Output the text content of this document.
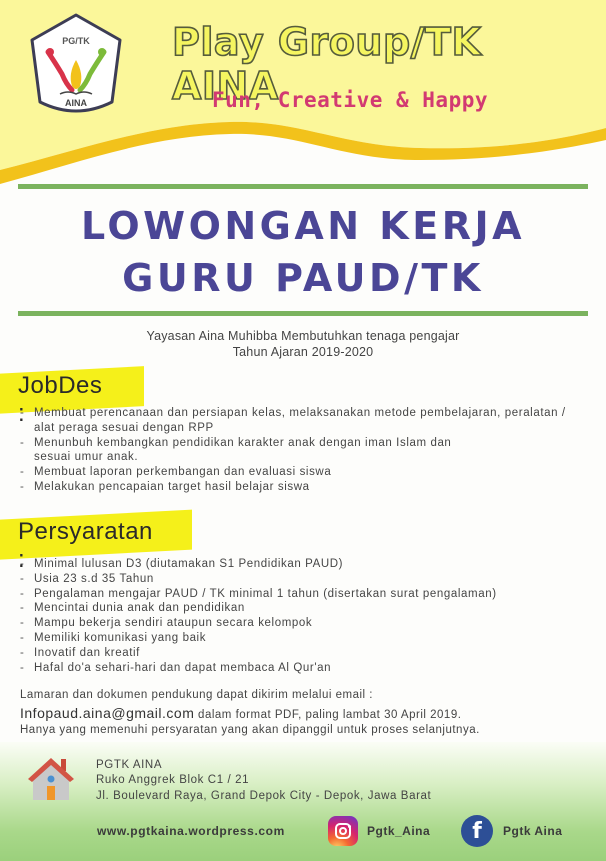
PG/TK
AINA
Play Group/TK AINA
Fun, Creative & Happy
LOWONGAN KERJA
GURU PAUD/TK
Yayasan Aina Muhibba Membutuhkan tenaga pengajar
Tahun Ajaran 2019-2020
JobDes : - Membuat perencanaan dan persiapan kelas, melaksanakan metode pembelajaran, peralatan / alat peraga sesuai dengan RPP
- Menunbuh kembangkan pendidikan karakter anak dengan iman Islam dan sesuai umur anak.
- Membuat laporan perkembangan dan evaluasi siswa
- Melakukan pencapaian target hasil belajar siswa
Persyaratan : - Minimal lulusan D3 (diutamakan S1 Pendidikan PAUD)
- Usia 23 s.d 35 Tahun
- Pengalaman mengajar PAUD / TK minimal 1 tahun (disertakan surat pengalaman)
- Mencintai dunia anak dan pendidikan
- Mampu bekerja sendiri ataupun secara kelompok
- Memiliki komunikasi yang baik
- Inovatif dan kreatif
- Hafal do'a sehari-hari dan dapat membaca Al Qur'an
Lamaran dan dokumen pendukung dapat dikirim melalui email :
Infopaud.aina@gmail.com dalam format PDF, paling lambat 30 April 2019.
Hanya yang memenuhi persyaratan yang akan dipanggil untuk proses selanjutnya.
PGTK AINA
Ruko Anggrek Blok C1 / 21
Jl. Boulevard Raya, Grand Depok City - Depok, Jawa Barat
www.pgtkaina.wordpress.com	Pgtk_Aina	f	Pgtk Aina
